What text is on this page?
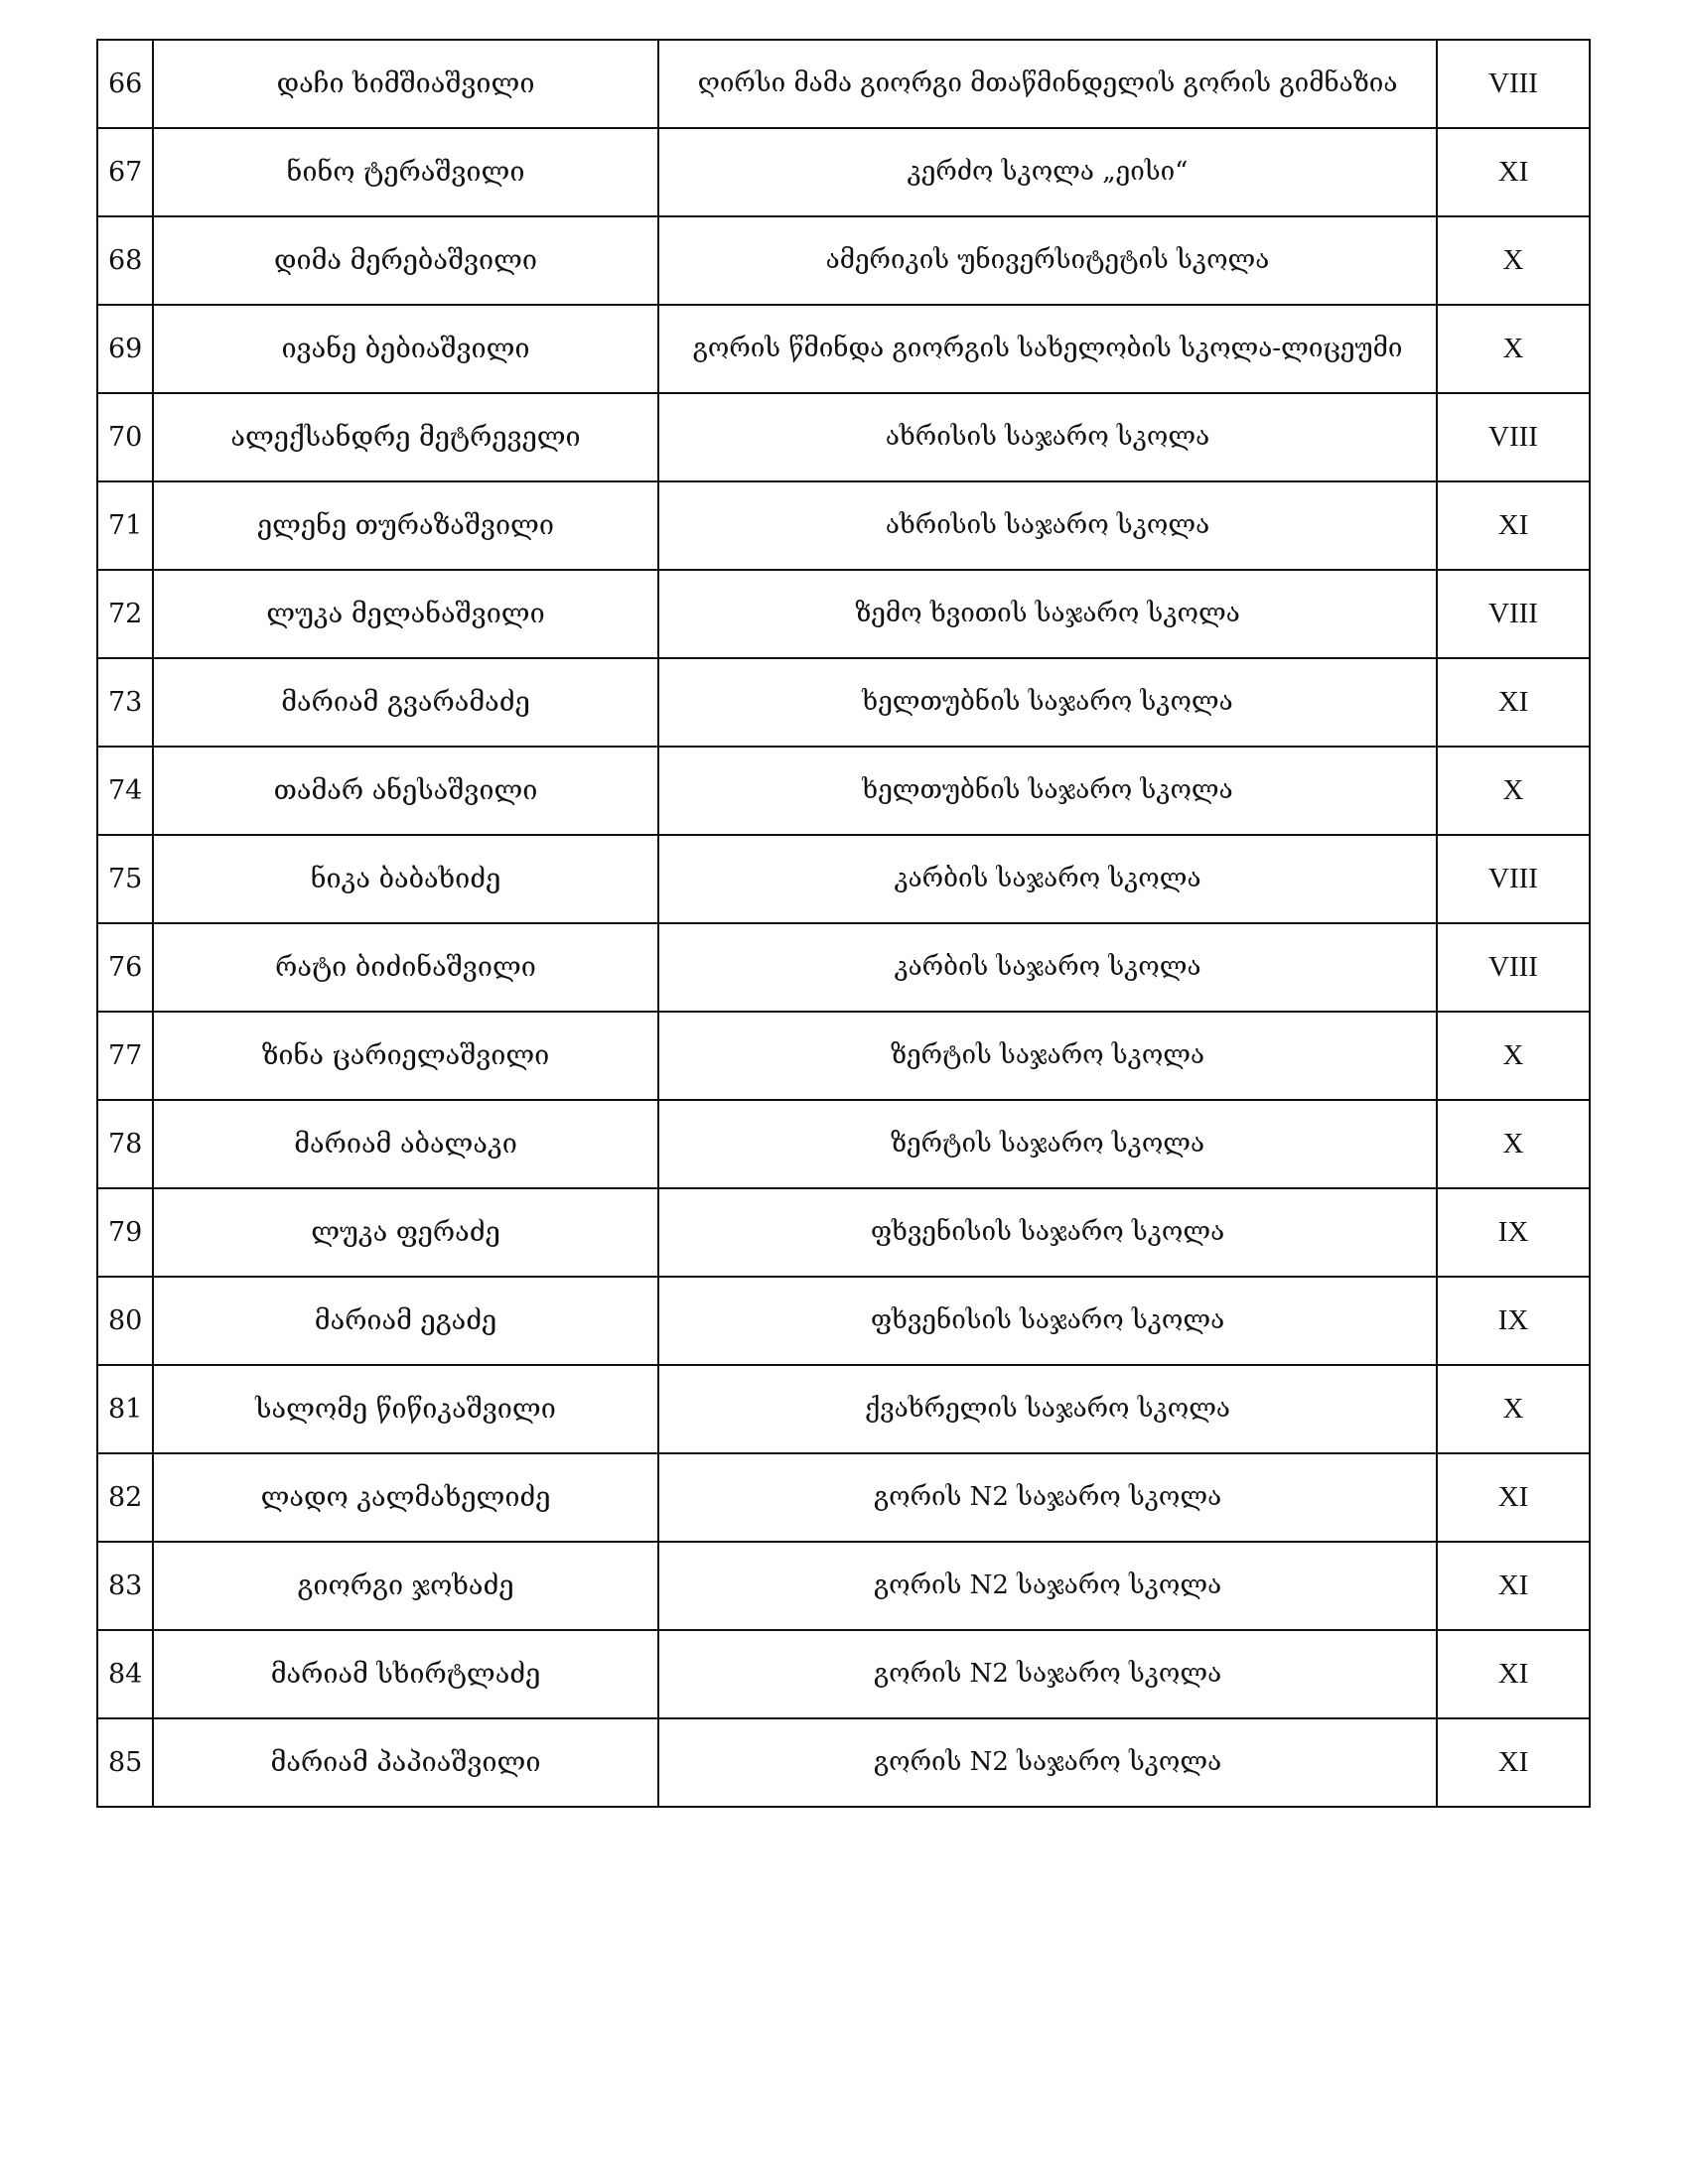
66	დაჩი ხიმშიაშვილი	ღირსი მამა გიორგი მთაწმინდელის გორის გიმნაზია	VIII
67	ნინო ტერაშვილი	კერძო სკოლა „ეისი“	XI
68	დიმა მერებაშვილი	ამერიკის უნივერსიტეტის სკოლა	X
69	ივანე ბებიაშვილი	გორის წმინდა გიორგის სახელობის სკოლა-ლიცეუმი	X
70	ალექსანდრე მეტრეველი	ახრისის საჯარო სკოლა	VIII
71	ელენე თურაზაშვილი	ახრისის საჯარო სკოლა	XI
72	ლუკა მელანაშვილი	ზემო ხვითის საჯარო სკოლა	VIII
73	მარიამ გვარამაძე	ხელთუბნის საჯარო სკოლა	XI
74	თამარ ანესაშვილი	ხელთუბნის საჯარო სკოლა	X
75	ნიკა ბაბახიძე	კარბის საჯარო სკოლა	VIII
76	რატი ბიძინაშვილი	კარბის საჯარო სკოლა	VIII
77	ზინა ცარიელაშვილი	ზერტის საჯარო სკოლა	X
78	მარიამ აბალაკი	ზერტის საჯარო სკოლა	X
79	ლუკა ფერაძე	ფხვენისის საჯარო სკოლა	IX
80	მარიამ ეგაძე	ფხვენისის საჯარო სკოლა	IX
81	სალომე წიწიკაშვილი	ქვახრელის საჯარო სკოლა	X
82	ლადო კალმახელიძე	გორის N2 საჯარო სკოლა	XI
83	გიორგი ჯოხაძე	გორის N2 საჯარო სკოლა	XI
84	მარიამ სხირტლაძე	გორის N2 საჯარო სკოლა	XI
85	მარიამ პაპიაშვილი	გორის N2 საჯარო სკოლა	XI
